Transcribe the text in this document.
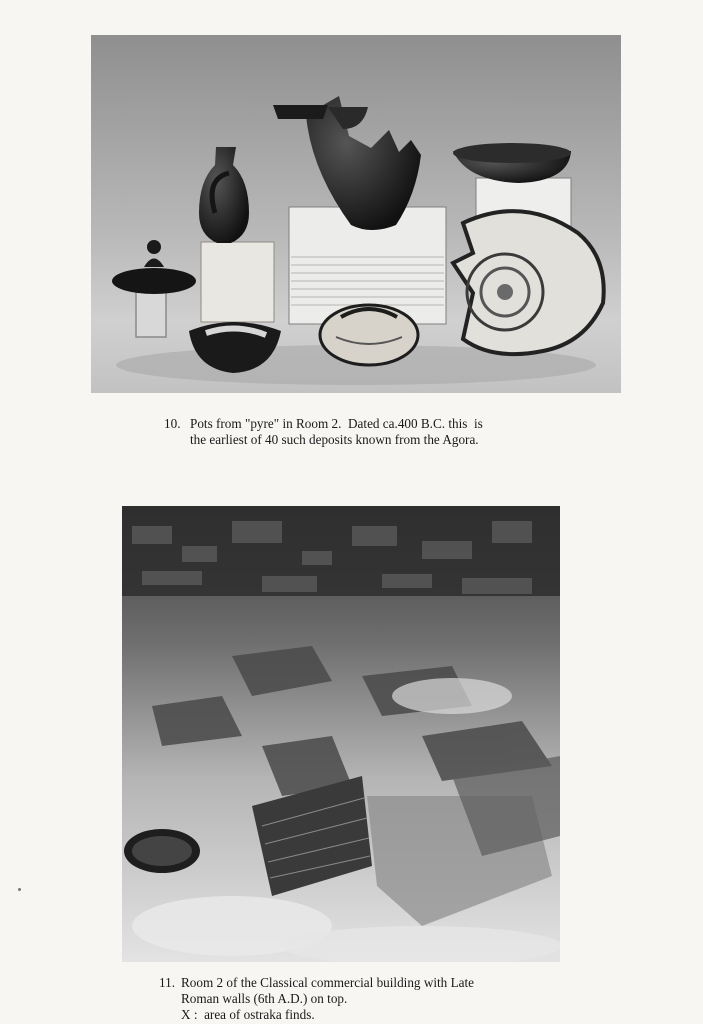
10. Pots from "pyre" in Room 2.  Dated ca.400 B.C. this  is
the earliest of 40 such deposits known from the Agora.
11. Room 2 of the Classical commercial building with Late
Roman walls (6th A.D.) on top.
X :  area of ostraka finds.
